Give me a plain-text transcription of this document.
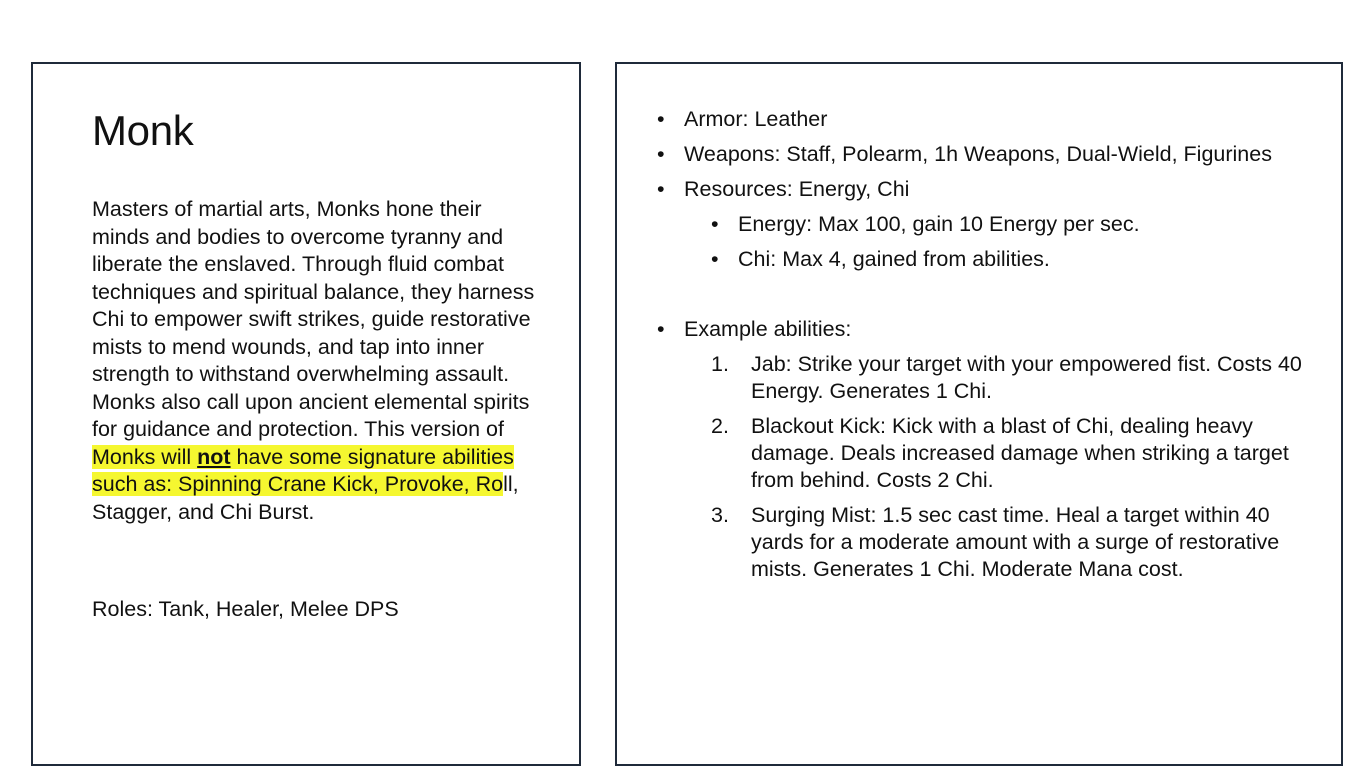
Monk

Masters of martial arts, Monks hone their minds and bodies to overcome tyranny and liberate the enslaved. Through fluid combat techniques and spiritual balance, they harness Chi to empower swift strikes, guide restorative mists to mend wounds, and tap into inner strength to withstand overwhelming assault. Monks also call upon ancient elemental spirits for guidance and protection. This version of Monks will not have some signature abilities such as: Spinning Crane Kick, Provoke, Roll, Stagger, and Chi Burst.

Roles: Tank, Healer, Melee DPS

• Armor: Leather
• Weapons: Staff, Polearm, 1h Weapons, Dual-Wield, Figurines
• Resources: Energy, Chi
• Energy: Max 100, gain 10 Energy per sec.
• Chi: Max 4, gained from abilities.
• Example abilities:
1. Jab: Strike your target with your empowered fist. Costs 40 Energy. Generates 1 Chi.
2. Blackout Kick: Kick with a blast of Chi, dealing heavy damage. Deals increased damage when striking a target from behind. Costs 2 Chi.
3. Surging Mist: 1.5 sec cast time. Heal a target within 40 yards for a moderate amount with a surge of restorative mists. Generates 1 Chi. Moderate Mana cost.
